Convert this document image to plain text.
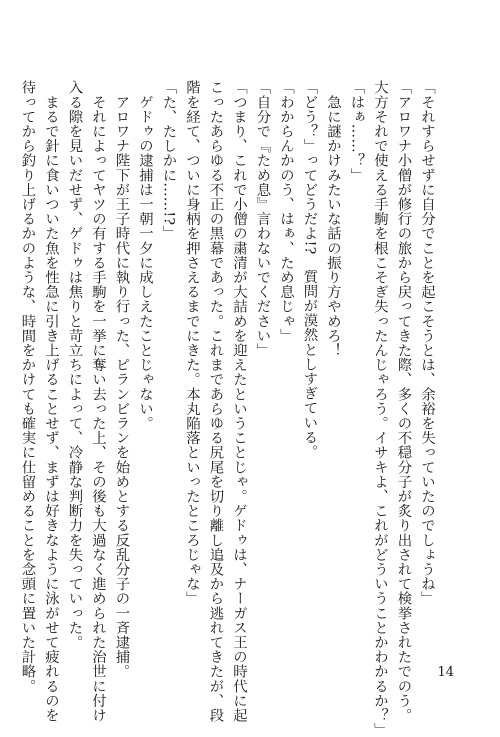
「それすらせずに自分でことを起こそうとは、余裕を失っていたのでしょうね」
「アロワナ小僧が修行の旅から戻ってきた際、多くの不穏分子が炙り出されて検挙されたでのう。
大方それで使える手駒を根こそぎ失ったんじゃろう。イサキよ、これがどういうことかわかるか？」
「はぁ……？」
　急に謎かけみたいな話の振り方やめろ！
「どう？」ってどうだよ!?　質問が漠然としすぎている。
「わからんかのう、はぁ、ため息じゃ」
「自分で『ため息』言わないでください」
「つまり、これで小僧の粛清が大詰めを迎えたということじゃ。ゲドゥは、ナーガス王の時代に起
こったあらゆる不正の黒幕であった。これまであらゆる尻尾を切り離し追及から逃れてきたが、段
階を経て、ついに身柄を押さえるまでにきた。本丸陥落といったところじゃな」
「た、たしかに……!?」
　ゲドゥの逮捕は一朝一夕に成しえたことじゃない。
　アロワナ陛下が王子時代に執り行った、ピランビランを始めとする反乱分子の一斉逮捕。
　それによってヤツの有する手駒を一挙に奪い去った上、その後も大過なく進められた治世に付け
入る隙を見いだせず、ゲドゥは焦りと苛立ちによって、冷静な判断力を失っていった。
　まるで針に食いついた魚を性急に引き上げることせず、まずは好きなように泳がせて疲れるのを
待ってから釣り上げるかのような、時間をかけても確実に仕留めることを念頭に置いた計略。	14
